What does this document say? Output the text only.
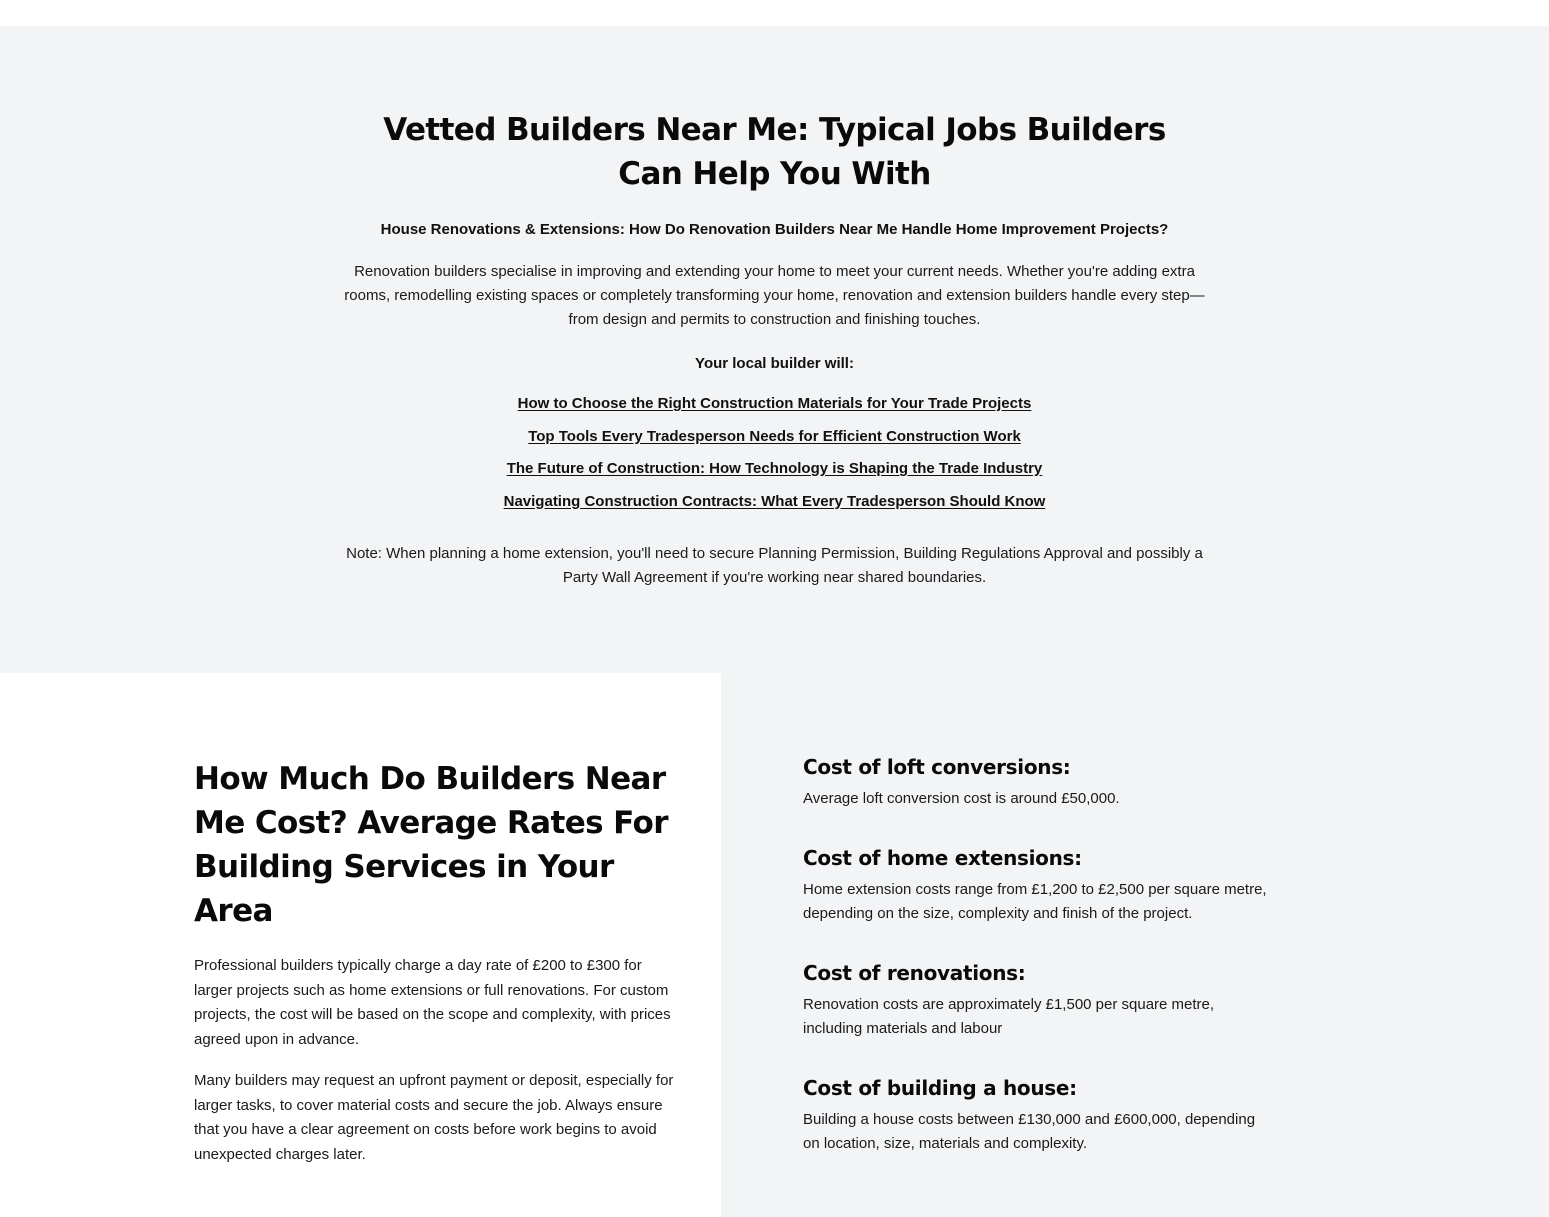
Vetted Builders Near Me: Typical Jobs Builders Can Help You With
House Renovations & Extensions: How Do Renovation Builders Near Me Handle Home Improvement Projects?

Renovation builders specialise in improving and extending your home to meet your current needs. Whether you're adding extra rooms, remodelling existing spaces or completely transforming your home, renovation and extension builders handle every step—from design and permits to construction and finishing touches.

Your local builder will:

How to Choose the Right Construction Materials for Your Trade Projects
Top Tools Every Tradesperson Needs for Efficient Construction Work
The Future of Construction: How Technology is Shaping the Trade Industry
Navigating Construction Contracts: What Every Tradesperson Should Know

Note: When planning a home extension, you'll need to secure Planning Permission, Building Regulations Approval and possibly a Party Wall Agreement if you're working near shared boundaries.

How Much Do Builders Near Me Cost? Average Rates For Building Services in Your Area

Professional builders typically charge a day rate of £200 to £300 for larger projects such as home extensions or full renovations. For custom projects, the cost will be based on the scope and complexity, with prices agreed upon in advance.

Many builders may request an upfront payment or deposit, especially for larger tasks, to cover material costs and secure the job. Always ensure that you have a clear agreement on costs before work begins to avoid unexpected charges later.

Cost of loft conversions:

Average loft conversion cost is around £50,000.

Cost of home extensions:

Home extension costs range from £1,200 to £2,500 per square metre, depending on the size, complexity and finish of the project.

Cost of renovations:

Renovation costs are approximately £1,500 per square metre, including materials and labour

Cost of building a house:

Building a house costs between £130,000 and £600,000, depending on location, size, materials and complexity.
